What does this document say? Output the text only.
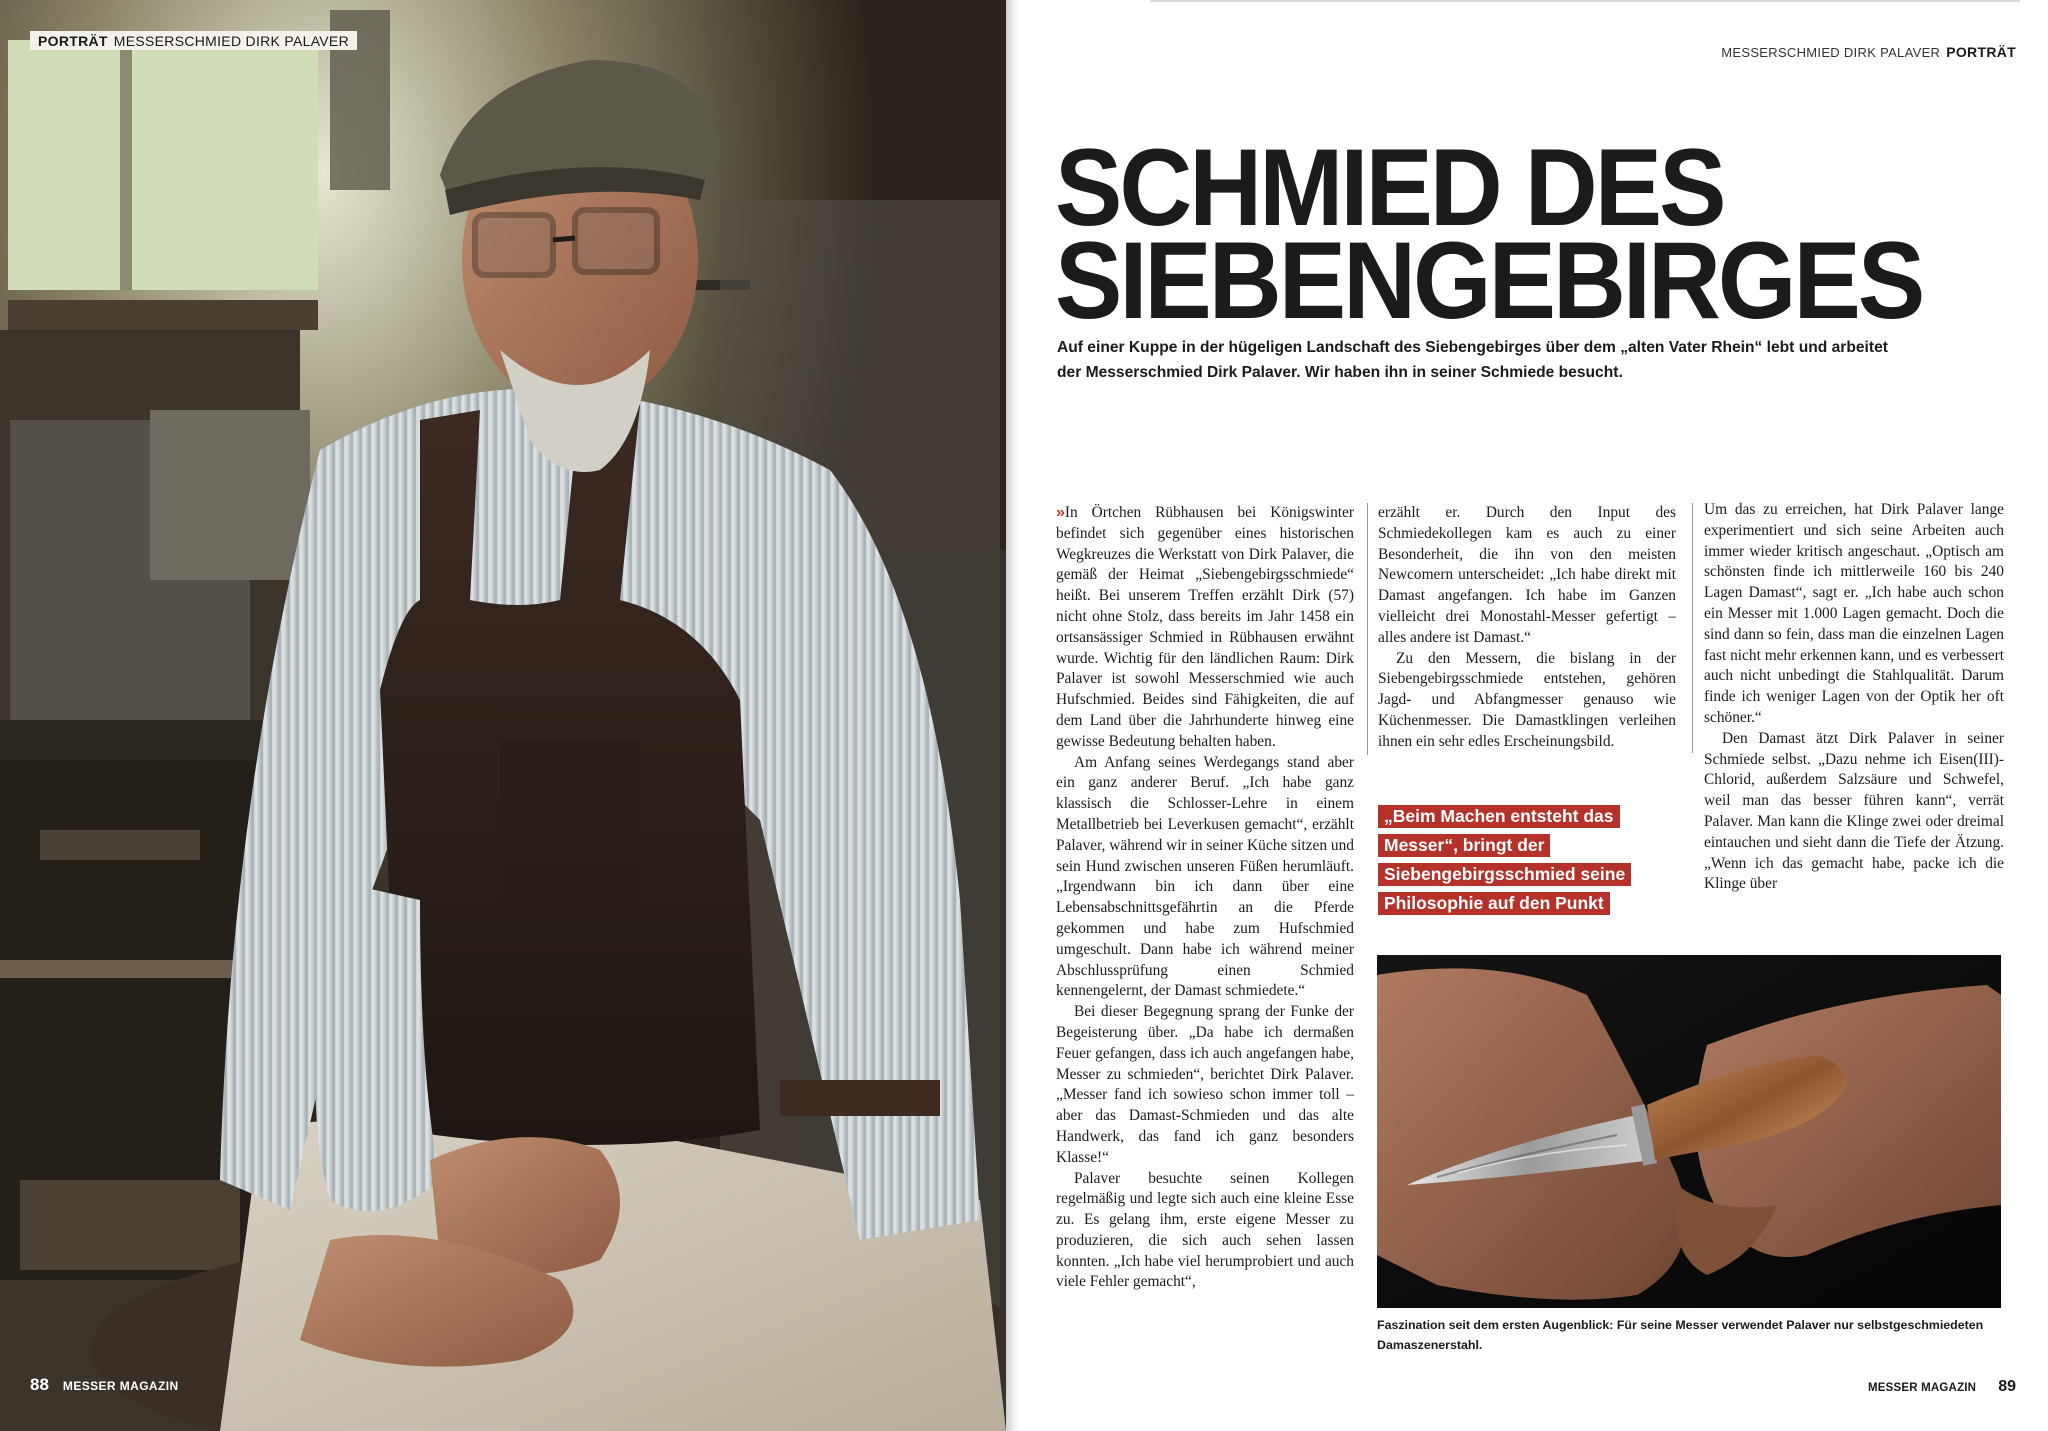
PORTRÄT MESSERSCHMIED DIRK PALAVER
88 MESSER MAGAZIN
MESSERSCHMIED DIRK PALAVER PORTRÄT
SCHMIED DES
SIEBENGEBIRGES
Auf einer Kuppe in der hügeligen Landschaft des Siebengebirges über dem „alten Vater Rhein“ lebt und arbeitet
der Messerschmied Dirk Palaver. Wir haben ihn in seiner Schmiede besucht.

» In Örtchen Rübhausen bei Königswinter befindet sich gegenüber eines historischen Wegkreuzes die Werkstatt von Dirk Palaver, die gemäß der Heimat „Siebengebirgsschmiede“ heißt. Bei unserem Treffen erzählt Dirk (57) nicht ohne Stolz, dass bereits im Jahr 1458 ein ortsansässiger Schmied in Rübhausen erwähnt wurde. Wichtig für den ländlichen Raum: Dirk Palaver ist sowohl Messerschmied wie auch Hufschmied. Beides sind Fähigkeiten, die auf dem Land über die Jahrhunderte hinweg eine gewisse Bedeutung behalten haben.

Am Anfang seines Werdegangs stand aber ein ganz anderer Beruf. „Ich habe ganz klassisch die Schlosser-Lehre in einem Metallbetrieb bei Leverkusen gemacht“, erzählt Palaver, während wir in seiner Küche sitzen und sein Hund zwischen unseren Füßen herumläuft. „Irgendwann bin ich dann über eine Lebensabschnittsgefährtin an die Pferde gekommen und habe zum Hufschmied umgeschult. Dann habe ich während meiner Abschlussprüfung einen Schmied kennengelernt, der Damast schmiedete.“

Bei dieser Begegnung sprang der Funke der Begeisterung über. „Da habe ich dermaßen Feuer gefangen, dass ich auch angefangen habe, Messer zu schmieden“, berichtet Dirk Palaver. „Messer fand ich sowieso schon immer toll – aber das Damast-Schmieden und das alte Handwerk, das fand ich ganz besonders Klasse!“

Palaver besuchte seinen Kollegen regelmäßig und legte sich auch eine kleine Esse zu. Es gelang ihm, erste eigene Messer zu produzieren, die sich auch sehen lassen konnten. „Ich habe viel herumprobiert und auch viele Fehler gemacht“,

erzählt er. Durch den Input des Schmiedekollegen kam es auch zu einer Besonderheit, die ihn von den meisten Newcomern unterscheidet: „Ich habe direkt mit Damast angefangen. Ich habe im Ganzen vielleicht drei Monostahl-Messer gefertigt – alles andere ist Damast.“

Zu den Messern, die bislang in der Siebengebirgsschmiede entstehen, gehören Jagd- und Abfangmesser genauso wie Küchenmesser. Die Damastklingen verleihen ihnen ein sehr edles Erscheinungsbild.

Um das zu erreichen, hat Dirk Palaver lange experimentiert und sich seine Arbeiten auch immer wieder kritisch angeschaut. „Optisch am schönsten finde ich mittlerweile 160 bis 240 Lagen Damast“, sagt er. „Ich habe auch schon ein Messer mit 1.000 Lagen gemacht. Doch die sind dann so fein, dass man die einzelnen Lagen fast nicht mehr erkennen kann, und es verbessert auch nicht unbedingt die Stahlqualität. Darum finde ich weniger Lagen von der Optik her oft schöner.“

Den Damast ätzt Dirk Palaver in seiner Schmiede selbst. „Dazu nehme ich Eisen(III)-Chlorid, außerdem Salzsäure und Schwefel, weil man das besser führen kann“, verrät Palaver. Man kann die Klinge zwei oder dreimal eintauchen und sieht dann die Tiefe der Ätzung. „Wenn ich das gemacht habe, packe ich die Klinge über

„Beim Machen entsteht das Messer“, bringt der Siebengebirgsschmied seine Philosophie auf den Punkt
Faszination seit dem ersten Augenblick: Für seine Messer verwendet Palaver nur selbstgeschmiedeten Damaszenerstahl.
MESSER MAGAZIN 89
